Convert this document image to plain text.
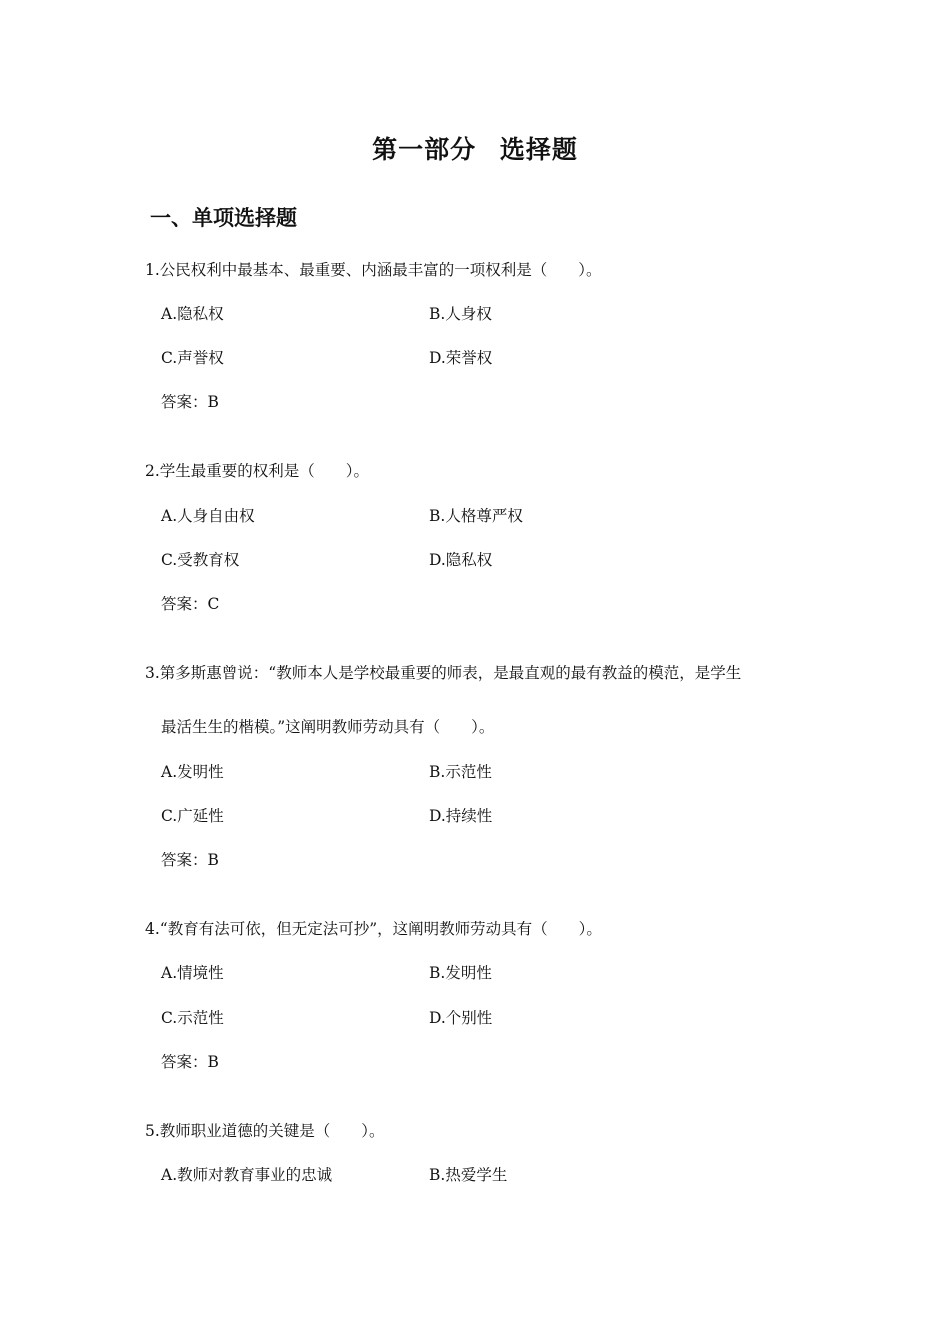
第一部分 选择题
一、单项选择题
1.公民权利中最基本、最重要、内涵最丰富的一项权利是（　　）。
A.隐私权	B.人身权
C.声誉权	D.荣誉权
答案：B
2.学生最重要的权利是（　　）。
A.人身自由权	B.人格尊严权
C.受教育权	D.隐私权
答案：C
3.第多斯惠曾说：“教师本人是学校最重要的师表，是最直观的最有教益的模范，是学生
最活生生的楷模。”这阐明教师劳动具有（　　）。
A.发明性	B.示范性
C.广延性	D.持续性
答案：B
4.“教育有法可依，但无定法可抄”，这阐明教师劳动具有（　　）。
A.情境性	B.发明性
C.示范性	D.个别性
答案：B
5.教师职业道德的关键是（　　）。
A.教师对教育事业的忠诚	B.热爱学生
